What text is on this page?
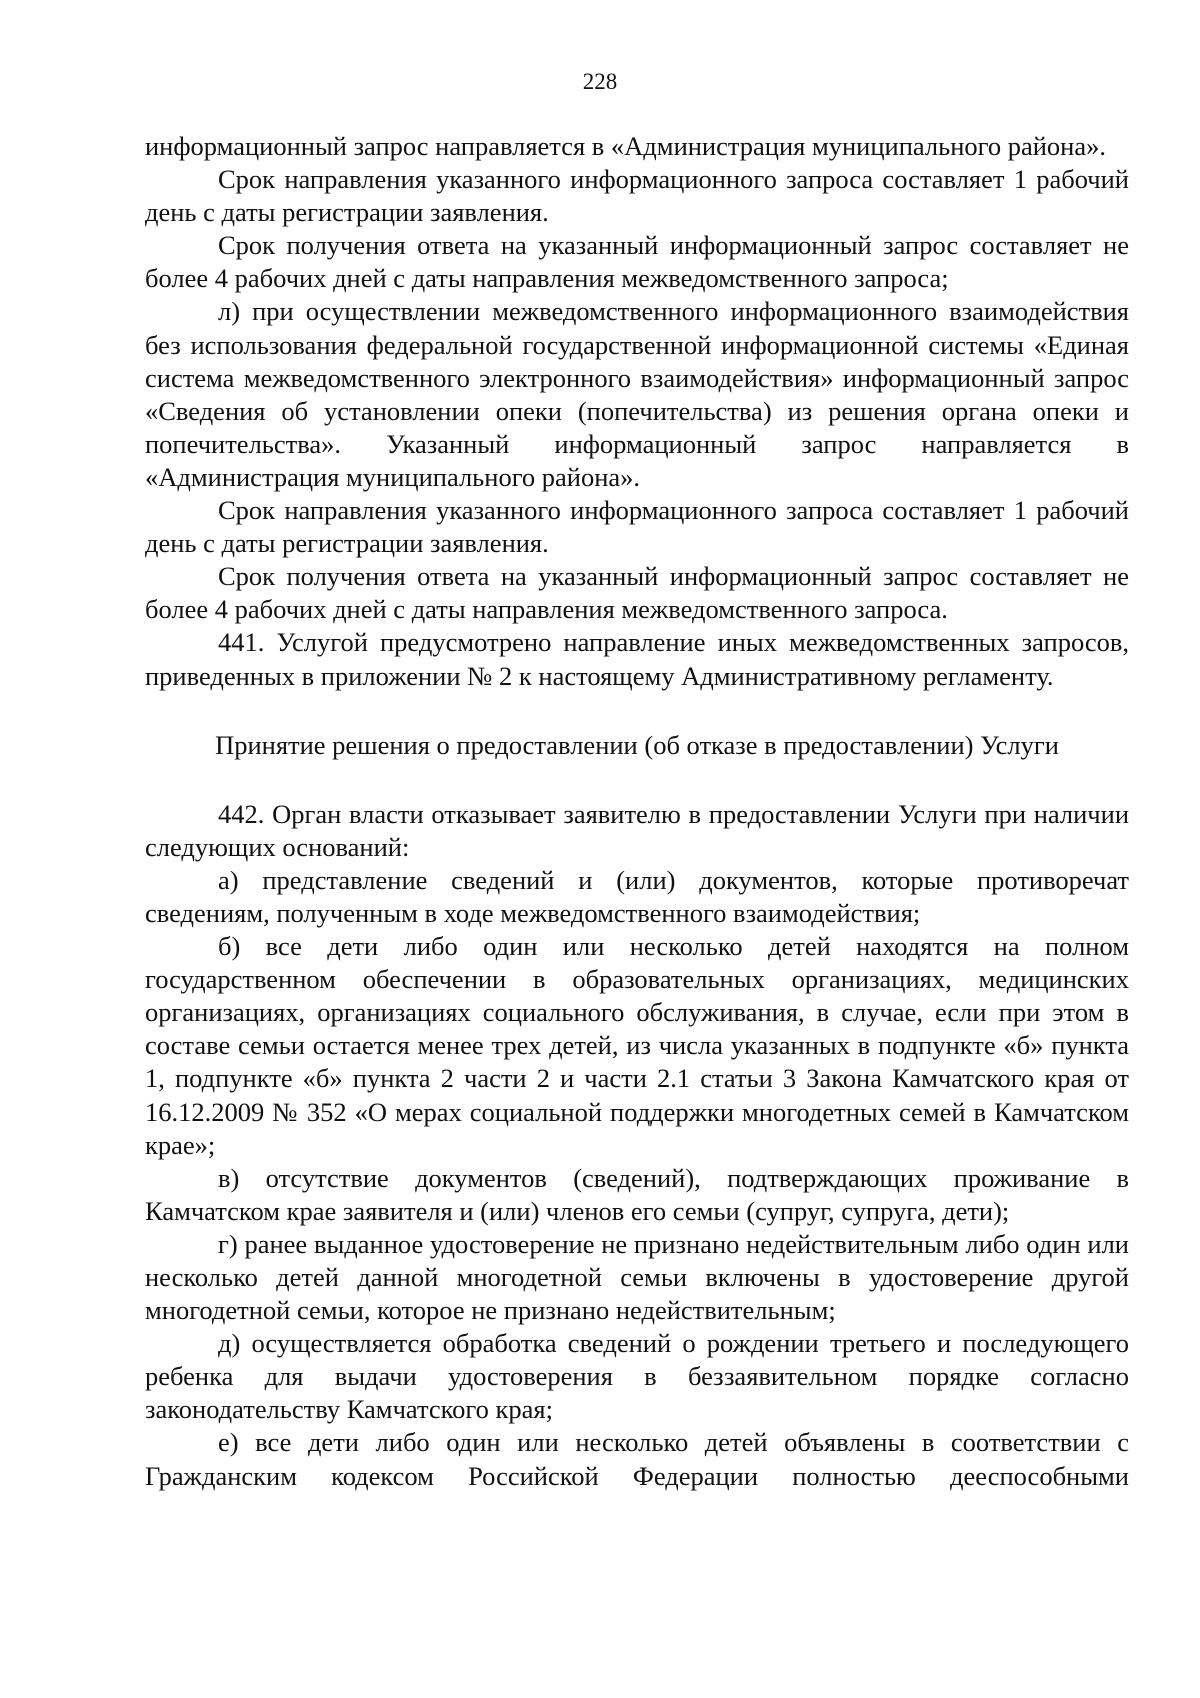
228

информационный запрос направляется в «Администрация муниципального района».

Срок направления указанного информационного запроса составляет 1 рабочий день с даты регистрации заявления.

Срок получения ответа на указанный информационный запрос составляет не более 4 рабочих дней с даты направления межведомственного запроса;

л) при осуществлении межведомственного информационного взаимодействия без использования федеральной государственной информационной системы «Единая система межведомственного электронного взаимодействия» информационный запрос «Сведения об установлении опеки (попечительства) из решения органа опеки и попечительства». Указанный информационный запрос направляется в «Администрация муниципального района».

Срок направления указанного информационного запроса составляет 1 рабочий день с даты регистрации заявления.

Срок получения ответа на указанный информационный запрос составляет не более 4 рабочих дней с даты направления межведомственного запроса.

441. Услугой предусмотрено направление иных межведомственных запросов, приведенных в приложении № 2 к настоящему Административному регламенту.

Принятие решения о предоставлении (об отказе в предоставлении) Услуги

442. Орган власти отказывает заявителю в предоставлении Услуги при наличии следующих оснований:

а) представление сведений и (или) документов, которые противоречат сведениям, полученным в ходе межведомственного взаимодействия;

б) все дети либо один или несколько детей находятся на полном государственном обеспечении в образовательных организациях, медицинских организациях, организациях социального обслуживания, в случае, если при этом в составе семьи остается менее трех детей, из числа указанных в подпункте «б» пункта 1, подпункте «б» пункта 2 части 2 и части 2.1 статьи 3 Закона Камчатского края от 16.12.2009 № 352 «О мерах социальной поддержки многодетных семей в Камчатском крае»;

в) отсутствие документов (сведений), подтверждающих проживание в Камчатском крае заявителя и (или) членов его семьи (супруг, супруга, дети);

г) ранее выданное удостоверение не признано недействительным либо один или несколько детей данной многодетной семьи включены в удостоверение другой многодетной семьи, которое не признано недействительным;

д) осуществляется обработка сведений о рождении третьего и последующего ребенка для выдачи удостоверения в беззаявительном порядке согласно законодательству Камчатского края;

е) все дети либо один или несколько детей объявлены в соответствии с Гражданским кодексом Российской Федерации полностью дееспособными
